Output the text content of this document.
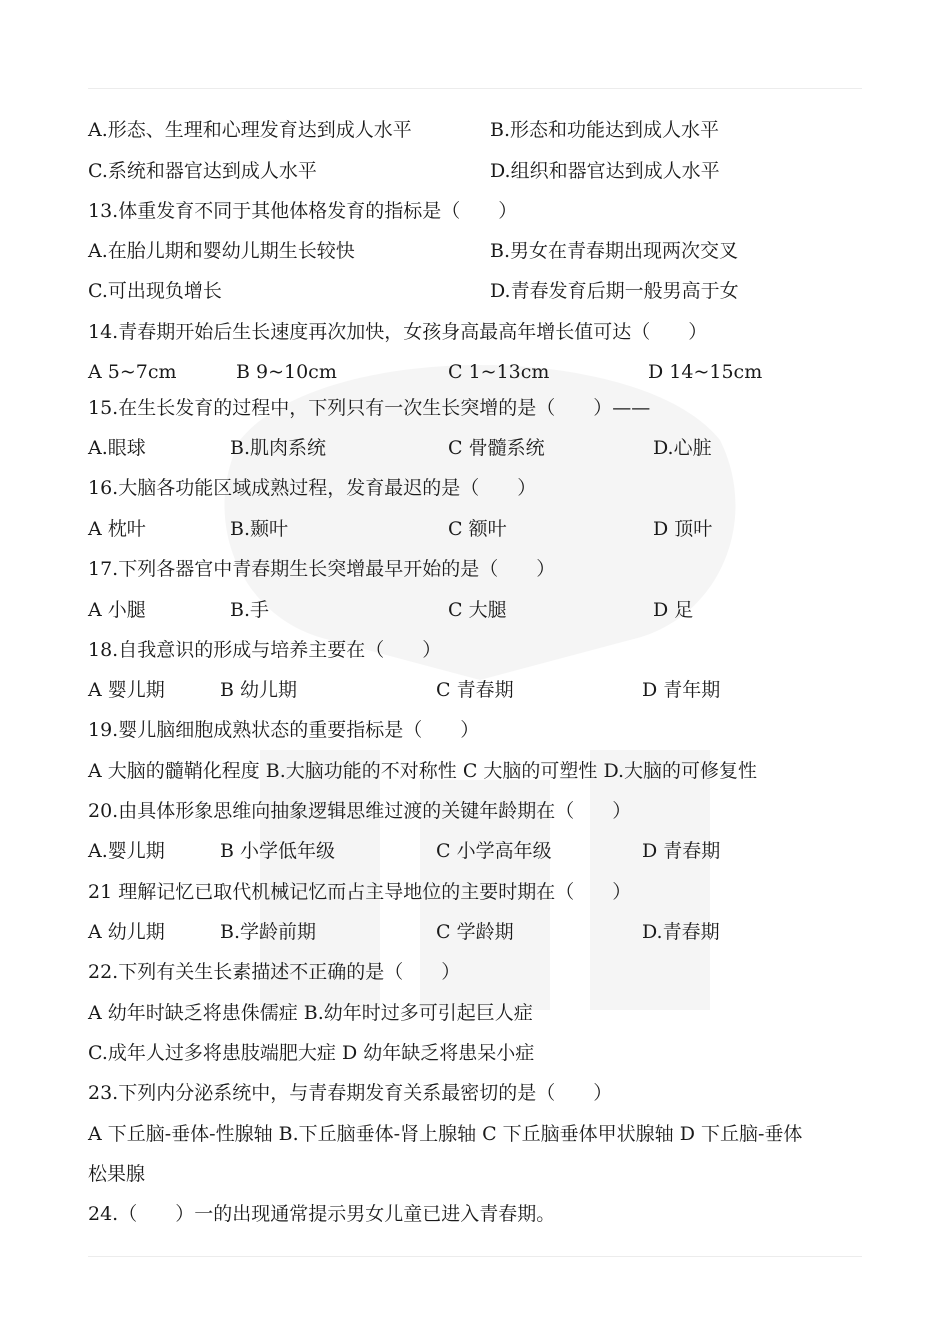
A.形态、生理和心理发育达到成人水平	B.形态和功能达到成人水平
C.系统和器官达到成人水平	D.组织和器官达到成人水平
13.体重发育不同于其他体格发育的指标是（　　）
A.在胎儿期和婴幼儿期生长较快	B.男女在青春期出现两次交叉
C.可出现负增长	D.青春发育后期一般男高于女
14.青春期开始后生长速度再次加快，女孩身高最高年增长值可达（　　）
A 5~7cm	B 9~10cm	C 1~13cm	D 14~15cm
15.在生长发育的过程中，下列只有一次生长突增的是（　　）——
A.眼球	B.肌肉系统	C 骨髓系统	D.心脏
16.大脑各功能区域成熟过程，发育最迟的是（　　）
A 枕叶	B.颞叶	C 额叶	D 顶叶
17.下列各器官中青春期生长突增最早开始的是（　　）
A 小腿	B.手	C 大腿	D 足
18.自我意识的形成与培养主要在（　　）
A 婴儿期	B 幼儿期	C 青春期	D 青年期
19.婴儿脑细胞成熟状态的重要指标是（　　）
A 大脑的髓鞘化程度 B.大脑功能的不对称性 C 大脑的可塑性 D.大脑的可修复性
20.由具体形象思维向抽象逻辑思维过渡的关键年龄期在（　　）
A.婴儿期	B 小学低年级	C 小学高年级	D 青春期
21 理解记忆已取代机械记忆而占主导地位的主要时期在（　　）
A 幼儿期	B.学龄前期	C 学龄期	D.青春期
22.下列有关生长素描述不正确的是（　　）
A 幼年时缺乏将患侏儒症 B.幼年时过多可引起巨人症
C.成年人过多将患肢端肥大症 D 幼年缺乏将患呆小症
23.下列内分泌系统中，与青春期发育关系最密切的是（　　）
A 下丘脑-垂体-性腺轴 B.下丘脑垂体-肾上腺轴 C 下丘脑垂体甲状腺轴 D 下丘脑-垂体
松果腺
24.（　　）一的出现通常提示男女儿童已进入青春期。
